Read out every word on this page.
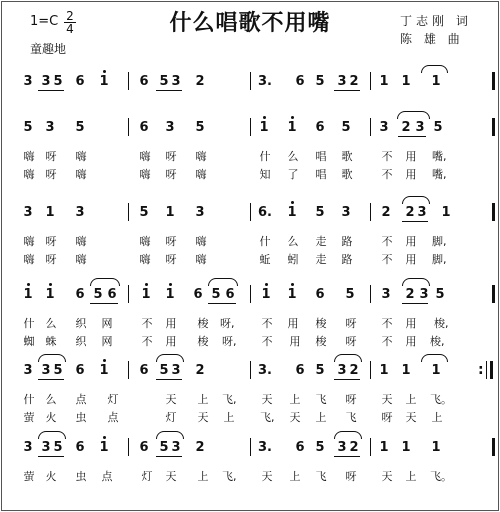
什么唱歌不用嘴
1=C 2
4
童趣地
丁志刚 词
陈 雄 曲
3 3 5 6 1 6 5 3 2	3. 6 5 3 2 1 1 1
5 3 5	6 3 5	1 1 6 5 3 2 3 5
嗨 呀 嗨	嗨 呀 嗨	什 么 唱 歌	不 用 嘴,
嗨 呀 嗨	嗨 呀 嗨	知 了 唱 歌	不 用 嘴,
3 1 3	5 1 3	6. 1 5 3 2 2 3 1
嗨 呀 嗨	嗨 呀 嗨	什 么 走 路	不 用 脚,
嗨 呀 嗨	嗨 呀 嗨	蚯 蚓 走 路	不 用 脚,
1 1 6 5 6 1 1 6 5 6 1 1 6 5 3 2 3 5
什 么 织 网	不 用 梭 呀, 不 用 梭 呀 不 用 梭,
蜘 蛛 织 网	不 用 梭 呀, 不 用 梭 呀 不 用 梭,
3 3 5 6 1 6 5 3 2	3. 6 5 3 2 1 1 1
什 么 点 灯	天 上 飞, 天 上 飞 呀 天 上 飞。
萤 火 虫 点	灯 天 上 飞, 天 上 飞 呀 天 上
3 3 5 6 1 6 5 3 2	3. 6 5 3 2 1 1 1
萤 火 虫 点	灯 天 上 飞, 天 上 飞 呀 天 上 飞。
:
